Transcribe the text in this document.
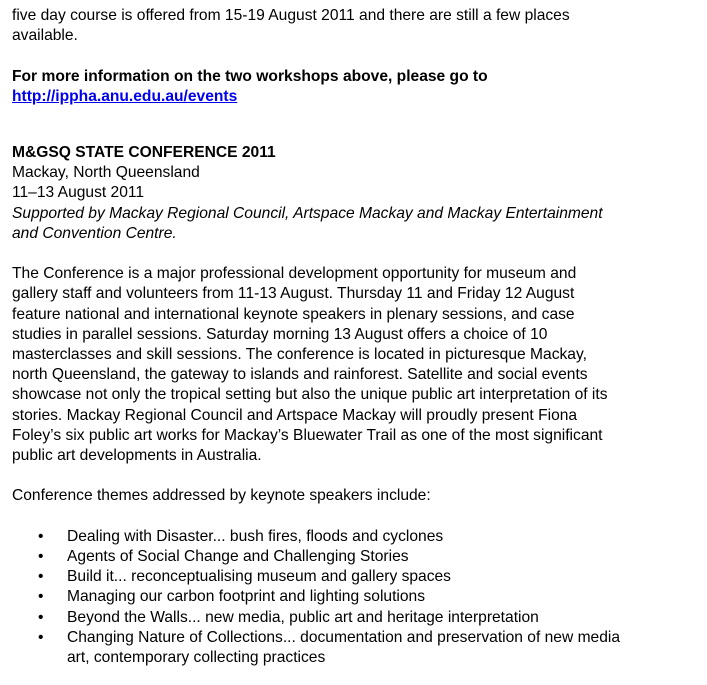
five day course is offered from 15-19 August 2011 and there are still a few places

available.

For more information on the two workshops above, please go to

http://ippha.anu.edu.au/events

M&GSQ STATE CONFERENCE 2011

Mackay, North Queensland

11–13 August 2011

Supported by Mackay Regional Council, Artspace Mackay and Mackay Entertainment

and Convention Centre.

The Conference is a major professional development opportunity for museum and

gallery staff and volunteers from 11-13 August. Thursday 11 and Friday 12 August

feature national and international keynote speakers in plenary sessions, and case

studies in parallel sessions. Saturday morning 13 August offers a choice of 10

masterclasses and skill sessions. The conference is located in picturesque Mackay,

north Queensland, the gateway to islands and rainforest. Satellite and social events

showcase not only the tropical setting but also the unique public art interpretation of its

stories. Mackay Regional Council and Artspace Mackay will proudly present Fiona

Foley’s six public art works for Mackay’s Bluewater Trail as one of the most significant

public art developments in Australia.

Conference themes addressed by keynote speakers include:

• Dealing with Disaster... bush fires, floods and cyclones
• Agents of Social Change and Challenging Stories
• Build it... reconceptualising museum and gallery spaces
• Managing our carbon footprint and lighting solutions
• Beyond the Walls... new media, public art and heritage interpretation
• Changing Nature of Collections... documentation and preservation of new media
art, contemporary collecting practices
